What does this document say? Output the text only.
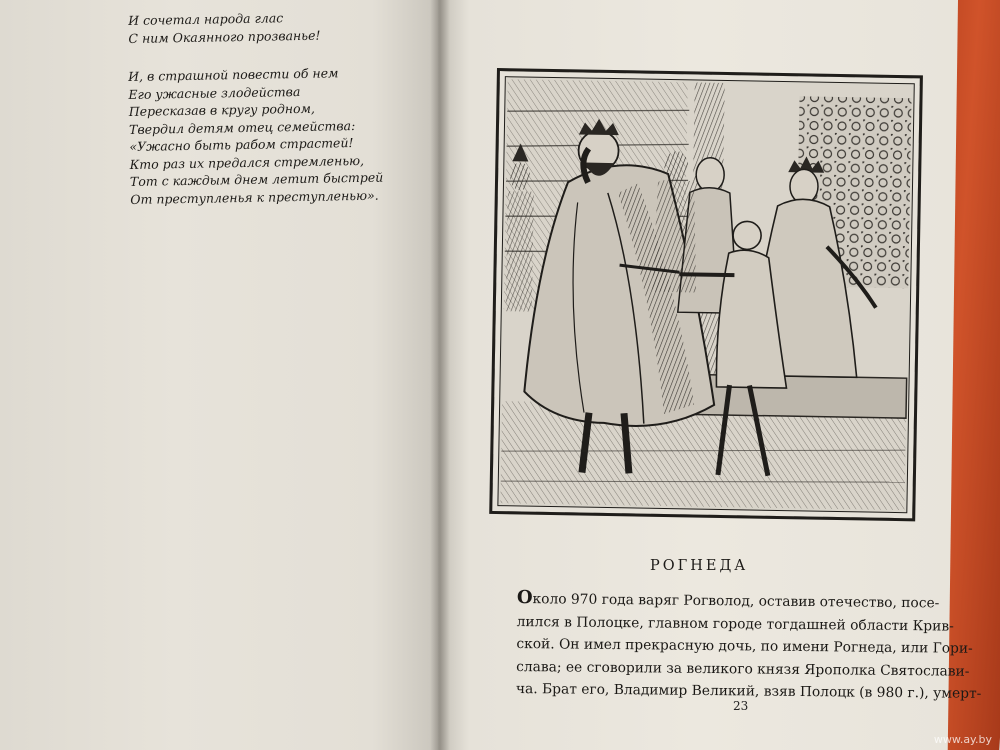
И сочетал народа глас
С ним Окаянного прозванье!
И, в страшной повести об нем
Его ужасные злодейства
Пересказав в кругу родном,
Твердил детям отец семейства:
«Ужасно быть рабом страстей!
Кто раз их предался стремленью,
Тот с каждым днем летит быстрей
От преступленья к преступленью».
РОГНЕДА
Около 970 года варяг Рогволод, оставив отечество, посе-
лился в Полоцке, главном городе тогдашней области Крив-
ской. Он имел прекрасную дочь, по имени Рогнеда, или Гори-
слава; ее сговорили за великого князя Ярополка Святослави-
ча. Брат его, Владимир Великий, взяв Полоцк (в 980 г.), умерт-
23
www.ay.by
